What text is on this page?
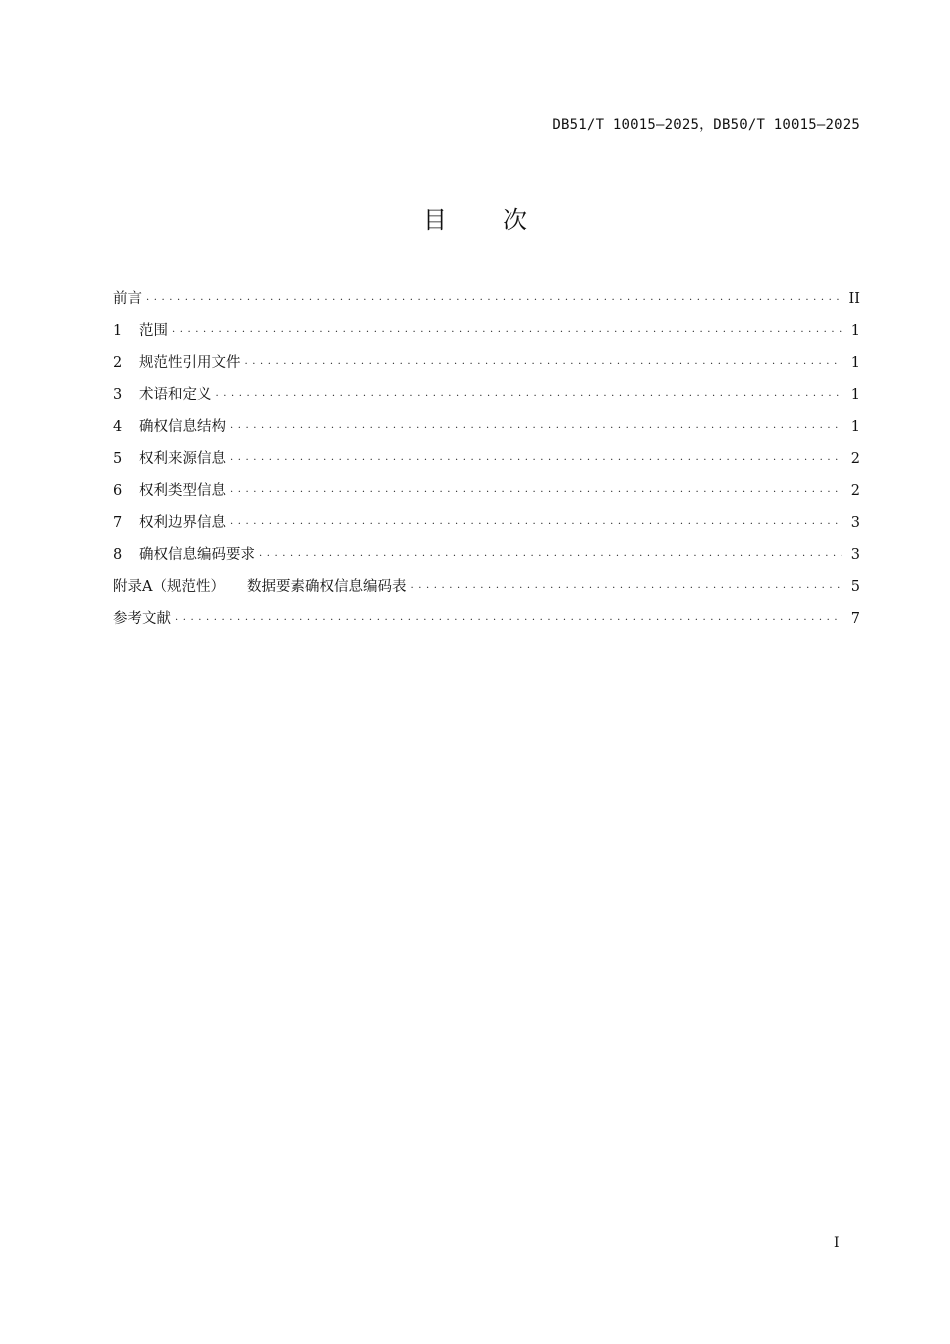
DB51/T 10015—2025，DB50/T 10015—2025
目次
前言 . . .	II
1	范围 . . .	1
2	规范性引用文件 . . .	1
3	术语和定义 . . .	1
4	确权信息结构 . . .	1
5	权利来源信息 . . .	2
6	权利类型信息 . . .	2
7	权利边界信息 . . .	3
8	确权信息编码要求 . . .	3
附录A（规范性） 数据要素确权信息编码表 . . .	5
参考文献 . . .	7
I
